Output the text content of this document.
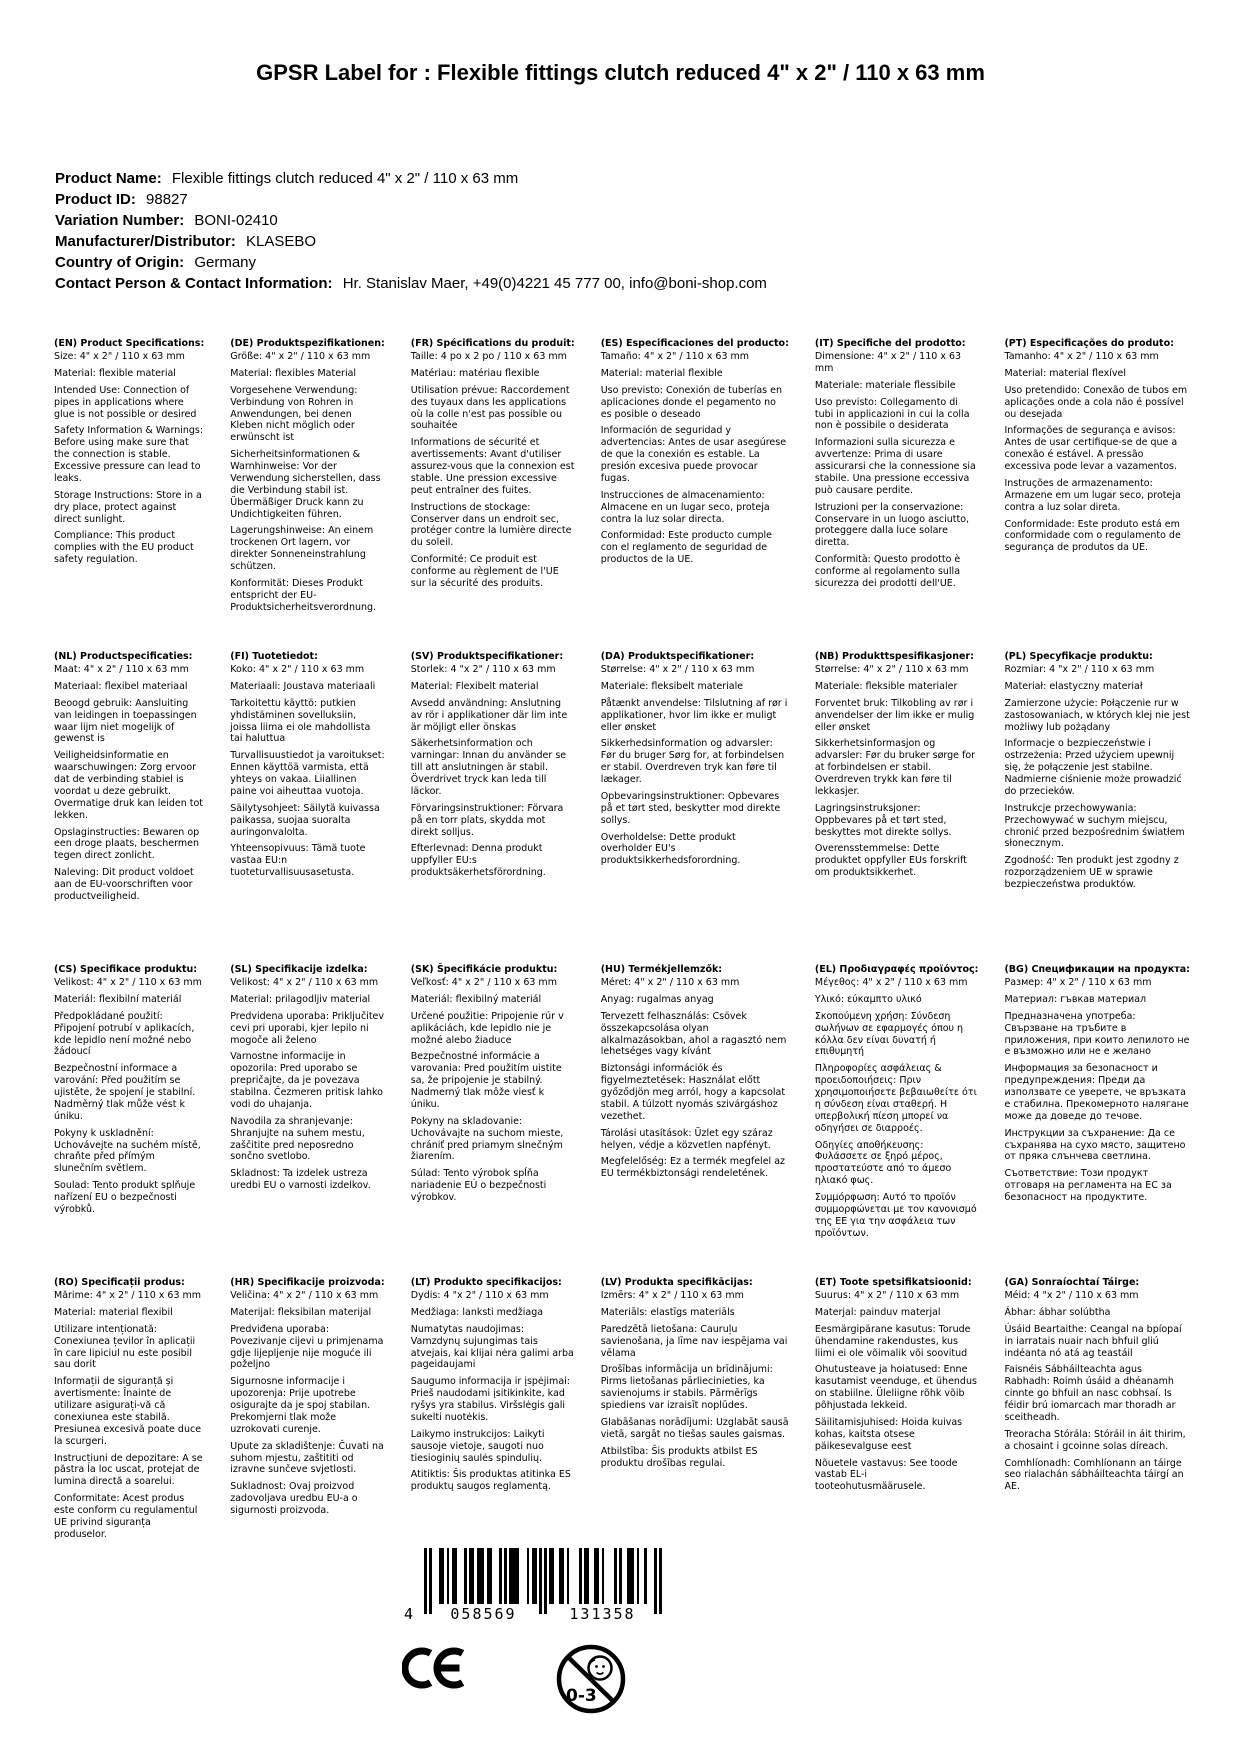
GPSR Label for : Flexible fittings clutch reduced 4" x 2" / 110 x 63 mm
Product Name: Flexible fittings clutch reduced 4" x 2" / 110 x 63 mm
Product ID: 98827
Variation Number: BONI-02410
Manufacturer/Distributor: KLASEBO
Country of Origin: Germany
Contact Person & Contact Information: Hr. Stanislav Maer, +49(0)4221 45 777 00, info@boni-shop.com
(EN) Product Specifications:

Size: 4" x 2" / 110 x 63 mm

Material: flexible material

Intended Use: Connection of pipes in applications where glue is not possible or desired

Safety Information & Warnings: Before using make sure that the connection is stable. Excessive pressure can lead to leaks.

Storage Instructions: Store in a dry place, protect against direct sunlight.

Compliance: This product complies with the EU product safety regulation.

(DE) Produktspezifikationen:

Größe: 4" x 2" / 110 x 63 mm

Material: flexibles Material

Vorgesehene Verwendung: Verbindung von Rohren in Anwendungen, bei denen Kleben nicht möglich oder erwünscht ist

Sicherheitsinformationen & Warnhinweise: Vor der Verwendung sicherstellen, dass die Verbindung stabil ist. Übermäßiger Druck kann zu Undichtigkeiten führen.

Lagerungshinweise: An einem trockenen Ort lagern, vor direkter Sonneneinstrahlung schützen.

Konformität: Dieses Produkt entspricht der EU-Produktsicherheitsverordnung.

(FR) Spécifications du produit:

Taille: 4 po x 2 po / 110 x 63 mm

Matériau: matériau flexible

Utilisation prévue: Raccordement des tuyaux dans les applications où la colle n'est pas possible ou souhaitée

Informations de sécurité et avertissements: Avant d'utiliser assurez-vous que la connexion est stable. Une pression excessive peut entraîner des fuites.

Instructions de stockage: Conserver dans un endroit sec, protéger contre la lumière directe du soleil.

Conformité: Ce produit est conforme au règlement de l'UE sur la sécurité des produits.

(ES) Especificaciones del producto:

Tamaño: 4" x 2" / 110 x 63 mm

Material: material flexible

Uso previsto: Conexión de tuberías en aplicaciones donde el pegamento no es posible o deseado

Información de seguridad y advertencias: Antes de usar asegúrese de que la conexión es estable. La presión excesiva puede provocar fugas.

Instrucciones de almacenamiento: Almacene en un lugar seco, proteja contra la luz solar directa.

Conformidad: Este producto cumple con el reglamento de seguridad de productos de la UE.

(IT) Specifiche del prodotto:

Dimensione: 4" x 2" / 110 x 63 mm

Materiale: materiale flessibile

Uso previsto: Collegamento di tubi in applicazioni in cui la colla non è possibile o desiderata

Informazioni sulla sicurezza e avvertenze: Prima di usare assicurarsi che la connessione sia stabile. Una pressione eccessiva può causare perdite.

Istruzioni per la conservazione: Conservare in un luogo asciutto, proteggere dalla luce solare diretta.

Conformità: Questo prodotto è conforme al regolamento sulla sicurezza dei prodotti dell'UE.

(PT) Especificações do produto:

Tamanho: 4" x 2" / 110 x 63 mm

Material: material flexível

Uso pretendido: Conexão de tubos em aplicações onde a cola não é possível ou desejada

Informações de segurança e avisos: Antes de usar certifique-se de que a conexão é estável. A pressão excessiva pode levar a vazamentos.

Instruções de armazenamento: Armazene em um lugar seco, proteja contra a luz solar direta.

Conformidade: Este produto está em conformidade com o regulamento de segurança de produtos da UE.

(NL) Productspecificaties:

Maat: 4" x 2" / 110 x 63 mm

Materiaal: flexibel materiaal

Beoogd gebruik: Aansluiting van leidingen in toepassingen waar lijm niet mogelijk of gewenst is

Veiligheidsinformatie en waarschuwingen: Zorg ervoor dat de verbinding stabiel is voordat u deze gebruikt. Overmatige druk kan leiden tot lekken.

Opslaginstructies: Bewaren op een droge plaats, beschermen tegen direct zonlicht.

Naleving: Dit product voldoet aan de EU-voorschriften voor productveiligheid.

(FI) Tuotetiedot:

Koko: 4" x 2" / 110 x 63 mm

Materiaali: Joustava materiaali

Tarkoitettu käyttö: putkien yhdistäminen sovelluksiin, joissa liima ei ole mahdollista tai haluttua

Turvallisuustiedot ja varoitukset: Ennen käyttöä varmista, että yhteys on vakaa. Liiallinen paine voi aiheuttaa vuotoja.

Säilytysohjeet: Säilytä kuivassa paikassa, suojaa suoralta auringonvalolta.

Yhteensopivuus: Tämä tuote vastaa EU:n tuoteturvallisuusasetusta.

(SV) Produktspecifikationer:

Storlek: 4 "x 2" / 110 x 63 mm

Material: Flexibelt material

Avsedd användning: Anslutning av rör i applikationer där lim inte är möjligt eller önskas

Säkerhetsinformation och varningar: Innan du använder se till att anslutningen är stabil. Överdrivet tryck kan leda till läckor.

Förvaringsinstruktioner: Förvara på en torr plats, skydda mot direkt solljus.

Efterlevnad: Denna produkt uppfyller EU:s produktsäkerhetsförordning.

(DA) Produktspecifikationer:

Størrelse: 4" x 2" / 110 x 63 mm

Materiale: fleksibelt materiale

Påtænkt anvendelse: Tilslutning af rør i applikationer, hvor lim ikke er muligt eller ønsket

Sikkerhedsinformation og advarsler: Før du bruger Sørg for, at forbindelsen er stabil. Overdreven tryk kan føre til lækager.

Opbevaringsinstruktioner: Opbevares på et tørt sted, beskytter mod direkte sollys.

Overholdelse: Dette produkt overholder EU's produktsikkerhedsforordning.

(NB) Produkttspesifikasjoner:

Størrelse: 4" x 2" / 110 x 63 mm

Materiale: fleksible materialer

Forventet bruk: Tilkobling av rør i anvendelser der lim ikke er mulig eller ønsket

Sikkerhetsinformasjon og advarsler: Før du bruker sørge for at forbindelsen er stabil. Overdreven trykk kan føre til lekkasjer.

Lagringsinstruksjoner: Oppbevares på et tørt sted, beskyttes mot direkte sollys.

Overensstemmelse: Dette produktet oppfyller EUs forskrift om produktsikkerhet.

(PL) Specyfikacje produktu:

Rozmiar: 4 "x 2" / 110 x 63 mm

Materiał: elastyczny materiał

Zamierzone użycie: Połączenie rur w zastosowaniach, w których klej nie jest możliwy lub pożądany

Informacje o bezpieczeństwie i ostrzeżenia: Przed użyciem upewnij się, że połączenie jest stabilne. Nadmierne ciśnienie może prowadzić do przecieków.

Instrukcje przechowywania: Przechowywać w suchym miejscu, chronić przed bezpośrednim światłem słonecznym.

Zgodność: Ten produkt jest zgodny z rozporządzeniem UE w sprawie bezpieczeństwa produktów.

(CS) Specifikace produktu:

Velikost: 4" x 2" / 110 x 63 mm

Materiál: flexibilní materiál

Předpokládané použití: Připojení potrubí v aplikacích, kde lepidlo není možné nebo žádoucí

Bezpečnostní informace a varování: Před použitím se ujistěte, že spojení je stabilní. Nadměrný tlak může vést k úniku.

Pokyny k uskladnění: Uchovávejte na suchém místě, chraňte před přímým slunečním světlem.

Soulad: Tento produkt splňuje nařízení EU o bezpečnosti výrobků.

(SL) Specifikacije izdelka:

Velikost: 4" x 2" / 110 x 63 mm

Material: prilagodljiv material

Predvidena uporaba: Priključitev cevi pri uporabi, kjer lepilo ni mogoče ali želeno

Varnostne informacije in opozorila: Pred uporabo se prepričajte, da je povezava stabilna. Čezmeren pritisk lahko vodi do uhajanja.

Navodila za shranjevanje: Shranjujte na suhem mestu, zaščitite pred neposredno sončno svetlobo.

Skladnost: Ta izdelek ustreza uredbi EU o varnosti izdelkov.

(SK) Špecifikácie produktu:

Veľkosť: 4" x 2" / 110 x 63 mm

Materiál: flexibilný materiál

Určené použitie: Pripojenie rúr v aplikáciách, kde lepidlo nie je možné alebo žiaduce

Bezpečnostné informácie a varovania: Pred použitím uistite sa, že pripojenie je stabilný. Nadmerný tlak môže viesť k úniku.

Pokyny na skladovanie: Uchovávajte na suchom mieste, chrániť pred priamym slnečným žiarením.

Súlad: Tento výrobok spĺňa nariadenie EÚ o bezpečnosti výrobkov.

(HU) Termékjellemzők:

Méret: 4" x 2" / 110 x 63 mm

Anyag: rugalmas anyag

Tervezett felhasználás: Csövek összekapcsolása olyan alkalmazásokban, ahol a ragasztó nem lehetséges vagy kívánt

Biztonsági információk és figyelmeztetések: Használat előtt győződjön meg arról, hogy a kapcsolat stabil. A túlzott nyomás szivárgáshoz vezethet.

Tárolási utasítások: Üzlet egy száraz helyen, védje a közvetlen napfényt.

Megfelelőség: Ez a termék megfelel az EU termékbiztonsági rendeletének.

(EL) Προδιαγραφές προϊόντος:

Μέγεθος: 4" x 2" / 110 x 63 mm

Υλικό: εύκαμπτο υλικό

Σκοπούμενη χρήση: Σύνδεση σωλήνων σε εφαρμογές όπου η κόλλα δεν είναι δυνατή ή επιθυμητή

Πληροφορίες ασφάλειας & προειδοποιήσεις: Πριν χρησιμοποιήσετε βεβαιωθείτε ότι η σύνδεση είναι σταθερή. Η υπερβολική πίεση μπορεί να οδηγήσει σε διαρροές.

Οδηγίες αποθήκευσης: Φυλάσσετε σε ξηρό μέρος, προστατεύστε από το άμεσο ηλιακό φως.

Συμμόρφωση: Αυτό το προϊόν συμμορφώνεται με τον κανονισμό της ΕΕ για την ασφάλεια των προϊόντων.

(BG) Спецификации на продукта:

Размер: 4" x 2" / 110 x 63 mm

Материал: гъвкав материал

Предназначена употреба: Свързване на тръбите в приложения, при които лепилото не е възможно или не е желано

Информация за безопасност и предупреждения: Преди да използвате се уверете, че връзката е стабилна. Прекомерното налягане може да доведе до течове.

Инструкции за съхранение: Да се съхранява на сухо място, защитено от пряка слънчева светлина.

Съответствие: Този продукт отговаря на регламента на ЕС за безопасност на продуктите.

(RO) Specificații produs:

Mărime: 4" x 2" / 110 x 63 mm

Material: material flexibil

Utilizare intenționată: Conexiunea țevilor în aplicații în care lipiciul nu este posibil sau dorit

Informații de siguranță și avertismente: Înainte de utilizare asigurați-vă că conexiunea este stabilă. Presiunea excesivă poate duce la scurgeri.

Instrucțiuni de depozitare: A se păstra la loc uscat, protejat de lumina directă a soarelui.

Conformitate: Acest produs este conform cu regulamentul UE privind siguranța produselor.

(HR) Specifikacije proizvoda:

Veličina: 4" x 2" / 110 x 63 mm

Materijal: fleksibilan materijal

Predviđena uporaba: Povezivanje cijevi u primjenama gdje lijepljenje nije moguće ili poželjno

Sigurnosne informacije i upozorenja: Prije upotrebe osigurajte da je spoj stabilan. Prekomjerni tlak može uzrokovati curenje.

Upute za skladištenje: Čuvati na suhom mjestu, zaštititi od izravne sunčeve svjetlosti.

Sukladnost: Ovaj proizvod zadovoljava uredbu EU-a o sigurnosti proizvoda.

(LT) Produkto specifikacijos:

Dydis: 4 "x 2" / 110 x 63 mm

Medžiaga: lanksti medžiaga

Numatytas naudojimas: Vamzdynų sujungimas tais atvejais, kai klijai nėra galimi arba pageidaujami

Saugumo informacija ir įspėjimai: Prieš naudodami įsitikinkite, kad ryšys yra stabilus. Viršslėgis gali sukelti nuotėkis.

Laikymo instrukcijos: Laikyti sausoje vietoje, saugoti nuo tiesioginių saulės spindulių.

Atitiktis: Šis produktas atitinka ES produktų saugos reglamentą.

(LV) Produkta specifikācijas:

Izmērs: 4" x 2" / 110 x 63 mm

Materiāls: elastīgs materiāls

Paredzētā lietošana: Cauruļu savienošana, ja līme nav iespējama vai vēlama

Drošības informācija un brīdinājumi: Pirms lietošanas pārliecinieties, ka savienojums ir stabils. Pārmērīgs spiediens var izraisīt noplūdes.

Glabāšanas norādījumi: Uzglabāt sausā vietā, sargāt no tiešas saules gaismas.

Atbilstība: Šis produkts atbilst ES produktu drošības regulai.

(ET) Toote spetsifikatsioonid:

Suurus: 4" x 2" / 110 x 63 mm

Materjal: painduv materjal

Eesmärgipärane kasutus: Torude ühendamine rakendustes, kus liimi ei ole võimalik või soovitud

Ohutusteave ja hoiatused: Enne kasutamist veenduge, et ühendus on stabiilne. Üleliigne rõhk võib põhjustada lekkeid.

Säilitamisjuhised: Hoida kuivas kohas, kaitsta otsese päikesevalguse eest

Nõuetele vastavus: See toode vastab EL-i tooteohutusmäärusele.

(GA) Sonraíochtaí Táirge:

Méid: 4 "x 2" / 110 x 63 mm

Ábhar: ábhar solúbtha

Úsáid Beartaithe: Ceangal na bpíopaí in iarratais nuair nach bhfuil gliú indéanta nó atá ag teastáil

Faisnéis Sábháilteachta agus Rabhadh: Roimh úsáid a dhéanamh cinnte go bhfuil an nasc cobhsaí. Is féidir brú iomarcach mar thoradh ar sceitheadh.

Treoracha Stórála: Stóráil in áit thirim, a chosaint i gcoinne solas díreach.

Comhlíonadh: Comhlíonann an táirge seo rialachán sábháilteachta táirgí an AE.

4 058569	131358
0-3
